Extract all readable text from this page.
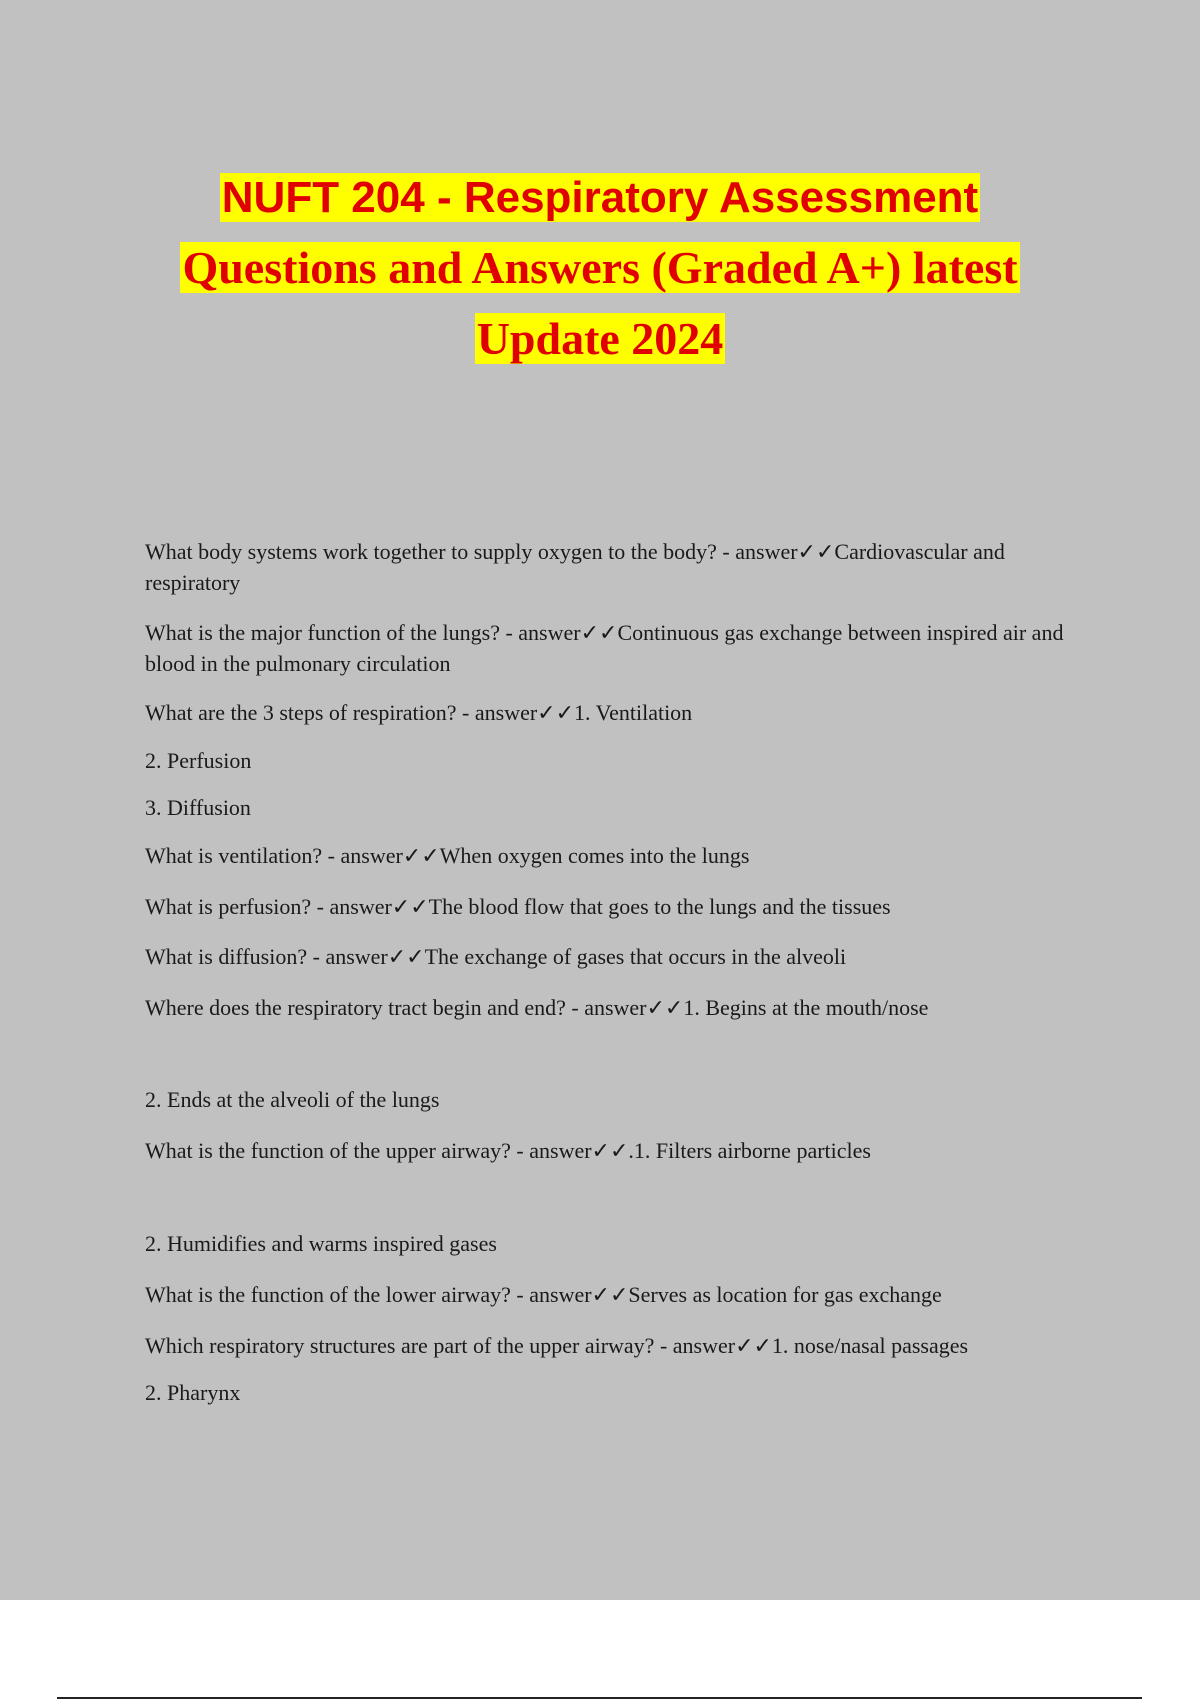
NUFT 204 - Respiratory Assessment
Questions and Answers (Graded A+) latest
Update 2024

What body systems work together to supply oxygen to the body? - answer✓✓Cardiovascular and respiratory

What is the major function of the lungs? - answer✓✓Continuous gas exchange between inspired air and blood in the pulmonary circulation

What are the 3 steps of respiration? - answer✓✓1. Ventilation

2. Perfusion

3. Diffusion

What is ventilation? - answer✓✓When oxygen comes into the lungs

What is perfusion? - answer✓✓The blood flow that goes to the lungs and the tissues

What is diffusion? - answer✓✓The exchange of gases that occurs in the alveoli

Where does the respiratory tract begin and end? - answer✓✓1. Begins at the mouth/nose

2. Ends at the alveoli of the lungs

What is the function of the upper airway? - answer✓✓.1. Filters airborne particles

2. Humidifies and warms inspired gases

What is the function of the lower airway? - answer✓✓Serves as location for gas exchange

Which respiratory structures are part of the upper airway? - answer✓✓1. nose/nasal passages

2. Pharynx
